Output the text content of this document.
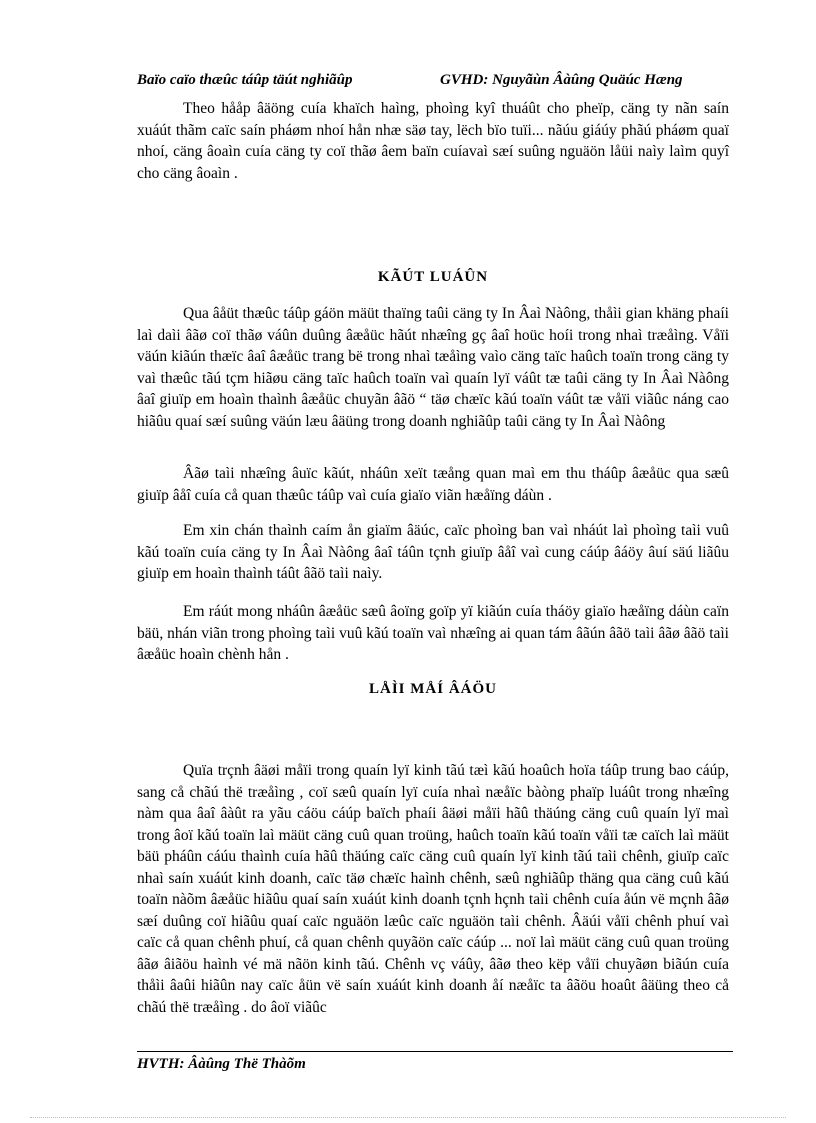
Baïo caïo thæûc táûp täút nghiãûp	GVHD: Nguyãùn Âàûng Quäúc Hæng

Theo hååp âäöng cuía khaïch haìng, phoìng kyî thuáût cho pheïp, cäng ty nãn saín xuáút thãm caïc saín pháøm nhoí hån nhæ säø tay, lëch bïo tuïi... nãúu giáúy phãú pháøm quaï nhoí, cäng âoaìn cuía cäng ty coï thãø âem baïn cuíavaì sæí suûng nguäön låüi naìy laìm quyî cho cäng âoaìn .

KÃÚT LUÁÛN

Qua âåüt thæûc táûp gáön mäüt thaïng taûi cäng ty In Âaì Nàông, thåìi gian khäng phaíi laì daìi âãø coï thãø váûn duûng âæåüc hãút nhæîng gç âaî hoüc hoíi trong nhaì træåìng. Våïi väún kiãún thæïc âaî âæåüc trang bë trong nhaì tæåìng vaìo cäng taïc haûch toaïn trong cäng ty vaì thæûc tãú tçm hiãøu cäng taïc haûch toaïn vaì quaín lyï váût tæ taûi cäng ty In Âaì Nàông âaî giuïp em hoaìn thaình âæåüc chuyãn âãö “ täø chæïc kãú toaïn váût tæ våïi viãûc náng cao hiãûu quaí sæí suûng väún læu âäüng trong doanh nghiãûp taûi cäng ty In Âaì Nàông

Âãø taìi nhæîng âuïc kãút, nháûn xeït tæång quan maì em thu tháûp âæåüc qua sæû giuïp âåî cuía cå quan thæûc táûp vaì cuía giaïo viãn hæåïng dáùn .

Em xin chán thaình caím ån giaïm âäúc, caïc phoìng ban vaì nháút laì phoìng taìi vuû kãú toaïn cuía cäng ty In Âaì Nàông âaî táûn tçnh giuïp âåî vaì cung cáúp âáöy âuí säú liãûu giuïp em hoaìn thaình táût âãö taìi naìy.

Em ráút mong nháûn âæåüc sæû âoïng goïp yï kiãún cuía tháöy giaïo hæåïng dáùn caïn bäü, nhán viãn trong phoìng taìi vuû kãú toaïn vaì nhæîng ai quan tám âãún âãö taìi âãø âãö taìi âæåüc hoaìn chènh hån .

LÅÌI MÅÍ ÂÁÖU

Quïa trçnh âäøi måïi trong quaín lyï kinh tãú tæì kãú hoaûch hoïa táûp trung bao cáúp, sang cå chãú thë træåìng , coï sæû quaín lyï cuía nhaì næåïc bàòng phaïp luáût trong nhæîng nàm qua âaî âàût ra yãu cáöu cáúp baïch phaíi âäøi måïi hãû thäúng cäng cuû quaín lyï maì trong âoï kãú toaïn laì mäüt cäng cuû quan troüng, haûch toaïn kãú toaïn våïi tæ caïch laì mäüt bäü pháûn cáúu thaình cuía hãû thäúng caïc cäng cuû quaín lyï kinh tãú taìi chênh, giuïp caïc nhaì saín xuáút kinh doanh, caïc täø chæïc haình chênh, sæû nghiãûp thäng qua cäng cuû kãú toaïn nàõm âæåüc hiãûu quaí saín xuáút kinh doanh tçnh hçnh taìi chênh cuía åún vë mçnh âãø sæí duûng coï hiãûu quaí caïc nguäön læûc caïc nguäön taìi chênh. Âäúi våïi chênh phuí vaì caïc cå quan chênh phuí, cå quan chênh quyãön caïc cáúp ... noï laì mäüt cäng cuû quan troüng âãø âiãöu haình vé mä nãön kinh tãú. Chênh vç váûy, âãø theo këp våïi chuyãøn biãún cuía thåìi âaûi hiãûn nay caïc åün vë saín xuáút kinh doanh åí næåïc ta âãöu hoaût âäüng theo cå chãú thë træåìng . do âoï viãûc

HVTH: Âàûng Thë Thàõm
